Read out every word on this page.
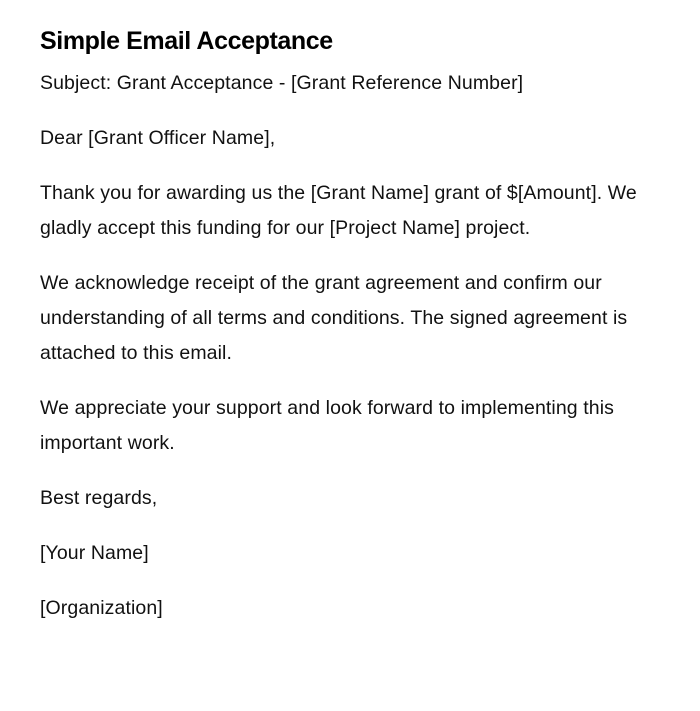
Simple Email Acceptance

Subject: Grant Acceptance - [Grant Reference Number]

Dear [Grant Officer Name],

Thank you for awarding us the [Grant Name] grant of $[Amount]. We gladly accept this funding for our [Project Name] project.

We acknowledge receipt of the grant agreement and confirm our understanding of all terms and conditions. The signed agreement is attached to this email.

We appreciate your support and look forward to implementing this important work.

Best regards,

[Your Name]

[Organization]
